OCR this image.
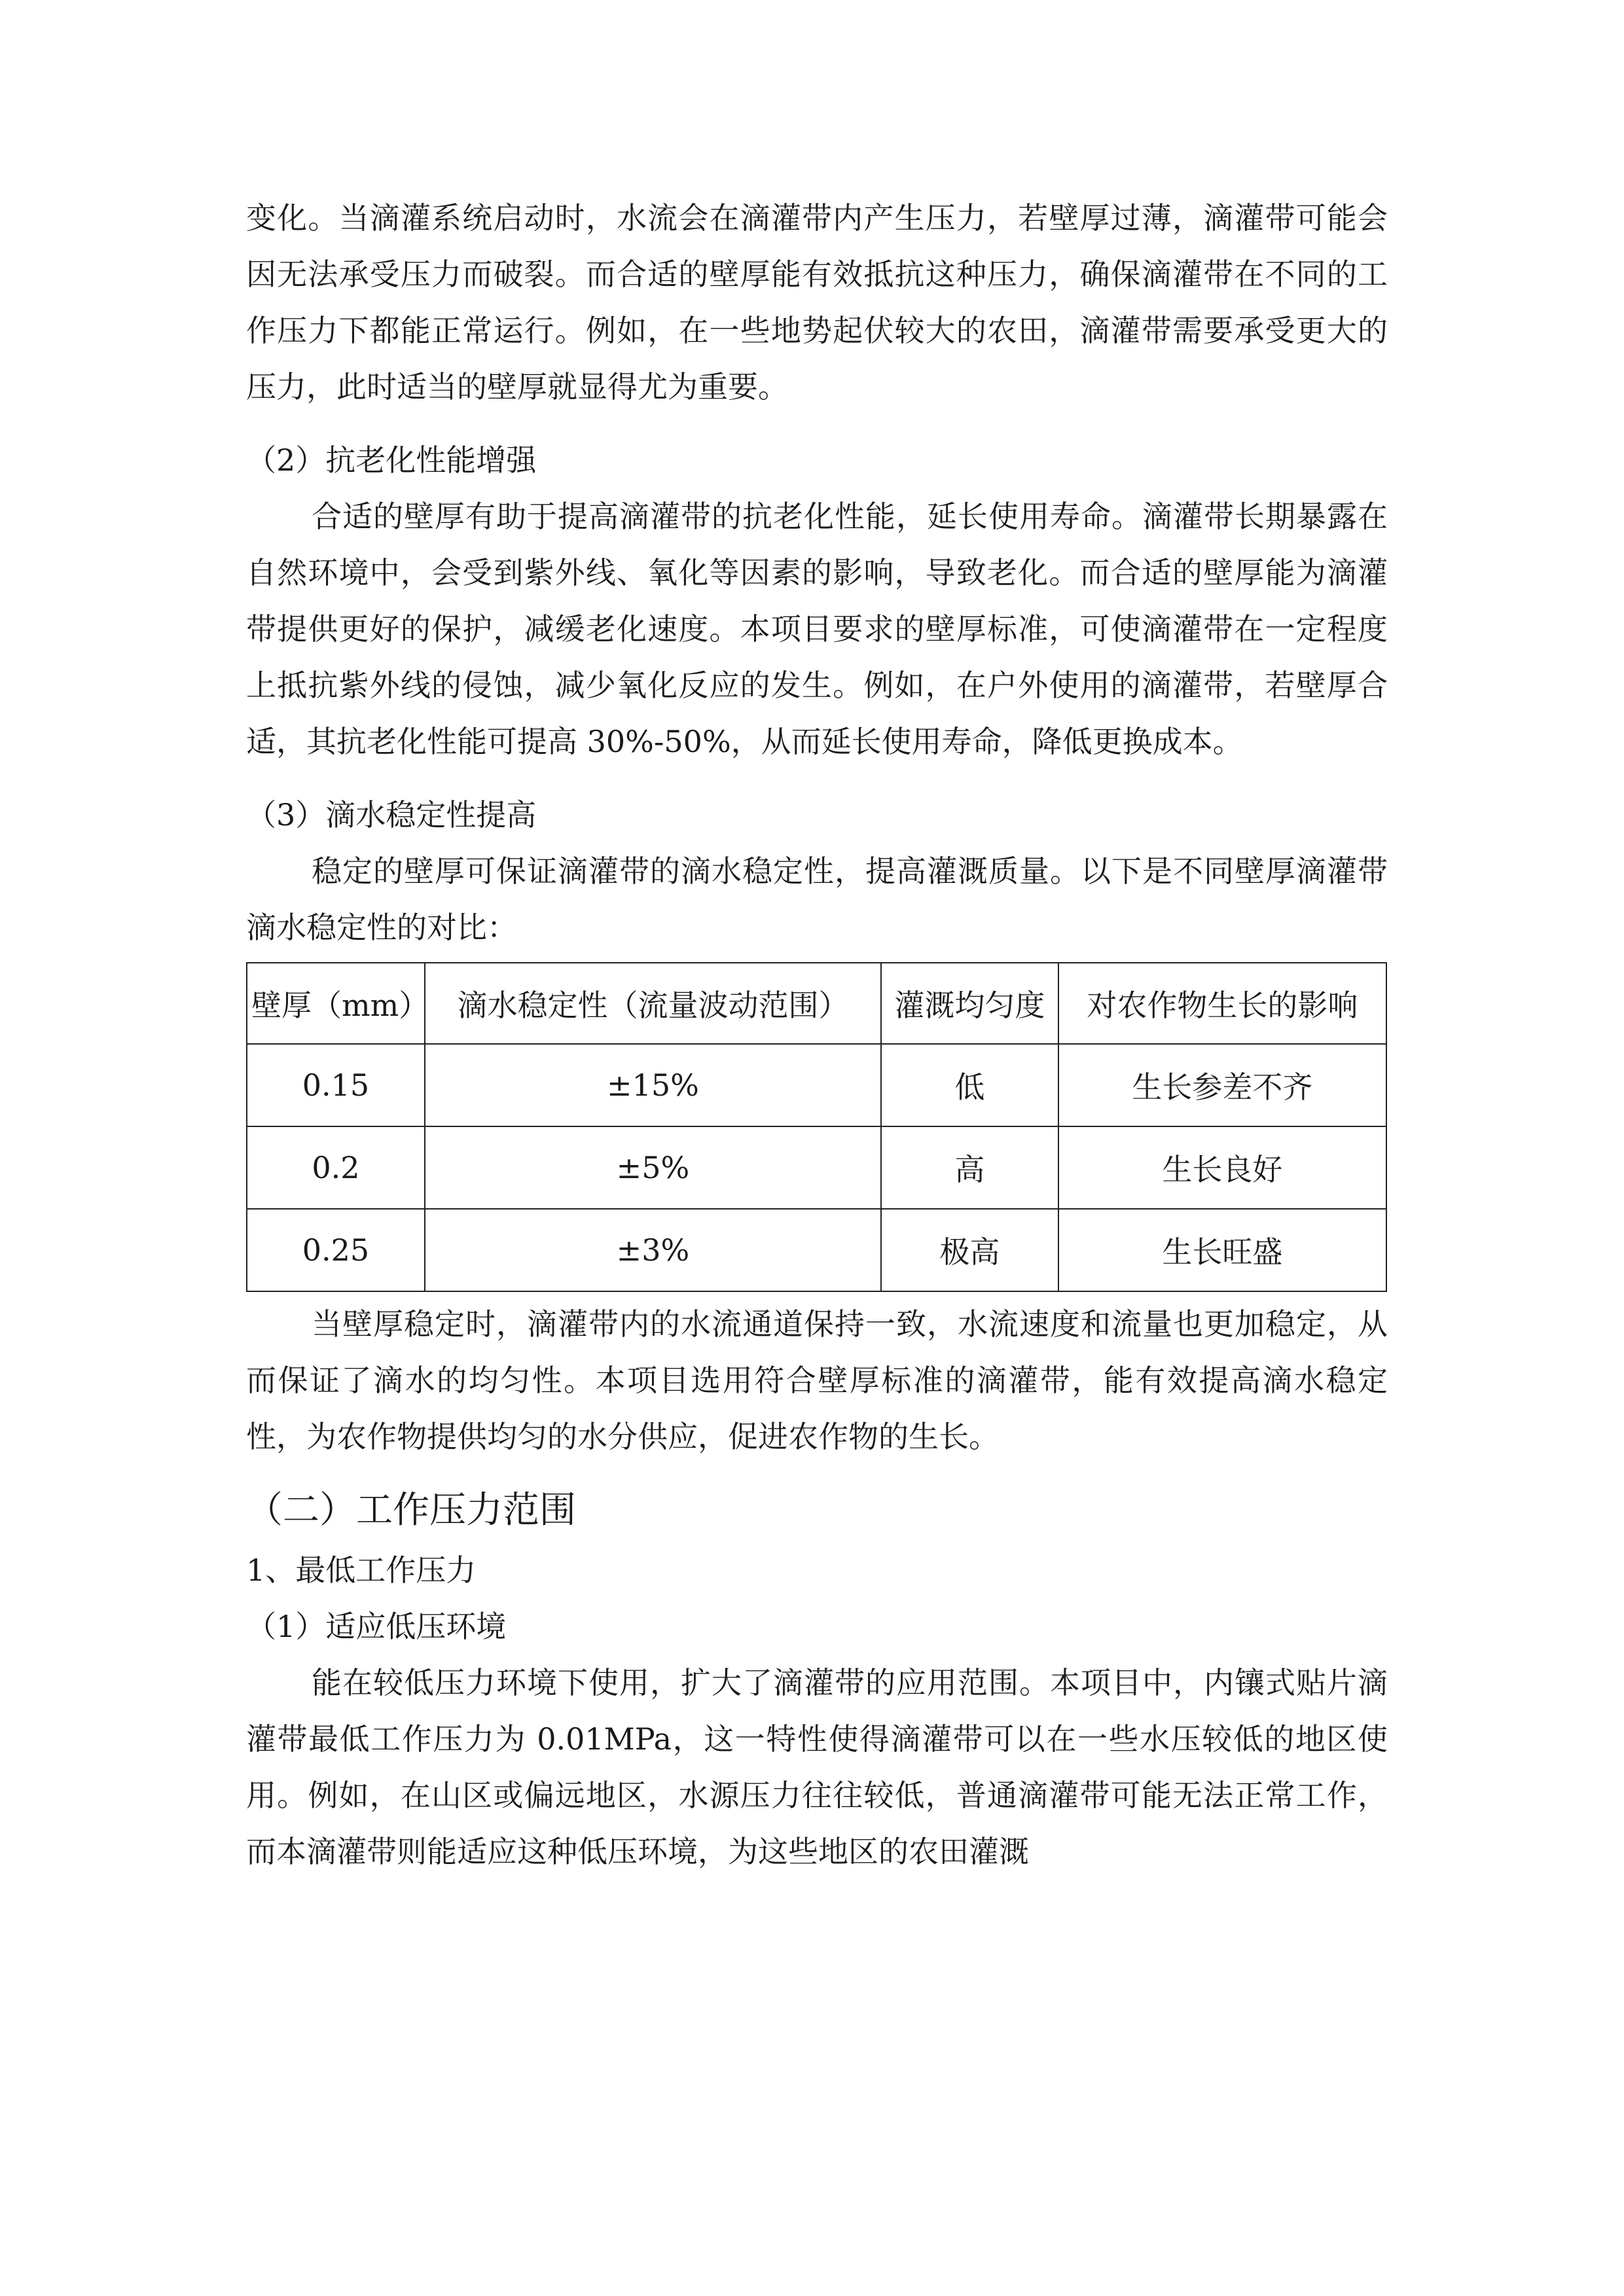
变化。当滴灌系统启动时，水流会在滴灌带内产生压力，若壁厚过薄，滴灌带可能会因无法承受压力而破裂。而合适的壁厚能有效抵抗这种压力，确保滴灌带在不同的工作压力下都能正常运行。例如，在一些地势起伏较大的农田，滴灌带需要承受更大的压力，此时适当的壁厚就显得尤为重要。

（2）抗老化性能增强

合适的壁厚有助于提高滴灌带的抗老化性能，延长使用寿命。滴灌带长期暴露在自然环境中，会受到紫外线、氧化等因素的影响，导致老化。而合适的壁厚能为滴灌带提供更好的保护，减缓老化速度。本项目要求的壁厚标准，可使滴灌带在一定程度上抵抗紫外线的侵蚀，减少氧化反应的发生。例如，在户外使用的滴灌带，若壁厚合适，其抗老化性能可提高 30%-50%，从而延长使用寿命，降低更换成本。

（3）滴水稳定性提高

稳定的壁厚可保证滴灌带的滴水稳定性，提高灌溉质量。以下是不同壁厚滴灌带滴水稳定性的对比：

壁厚（mm）	滴水稳定性（流量波动范围）	灌溉均匀度	对农作物生长的影响
0.15	±15%	低	生长参差不齐
0.2	±5%	高	生长良好
0.25	±3%	极高	生长旺盛

当壁厚稳定时，滴灌带内的水流通道保持一致，水流速度和流量也更加稳定，从而保证了滴水的均匀性。本项目选用符合壁厚标准的滴灌带，能有效提高滴水稳定性，为农作物提供均匀的水分供应，促进农作物的生长。

（二）工作压力范围

1、最低工作压力

（1）适应低压环境

能在较低压力环境下使用，扩大了滴灌带的应用范围。本项目中，内镶式贴片滴灌带最低工作压力为 0.01MPa，这一特性使得滴灌带可以在一些水压较低的地区使用。例如，在山区或偏远地区，水源压力往往较低，普通滴灌带可能无法正常工作，而本滴灌带则能适应这种低压环境，为这些地区的农田灌溉
